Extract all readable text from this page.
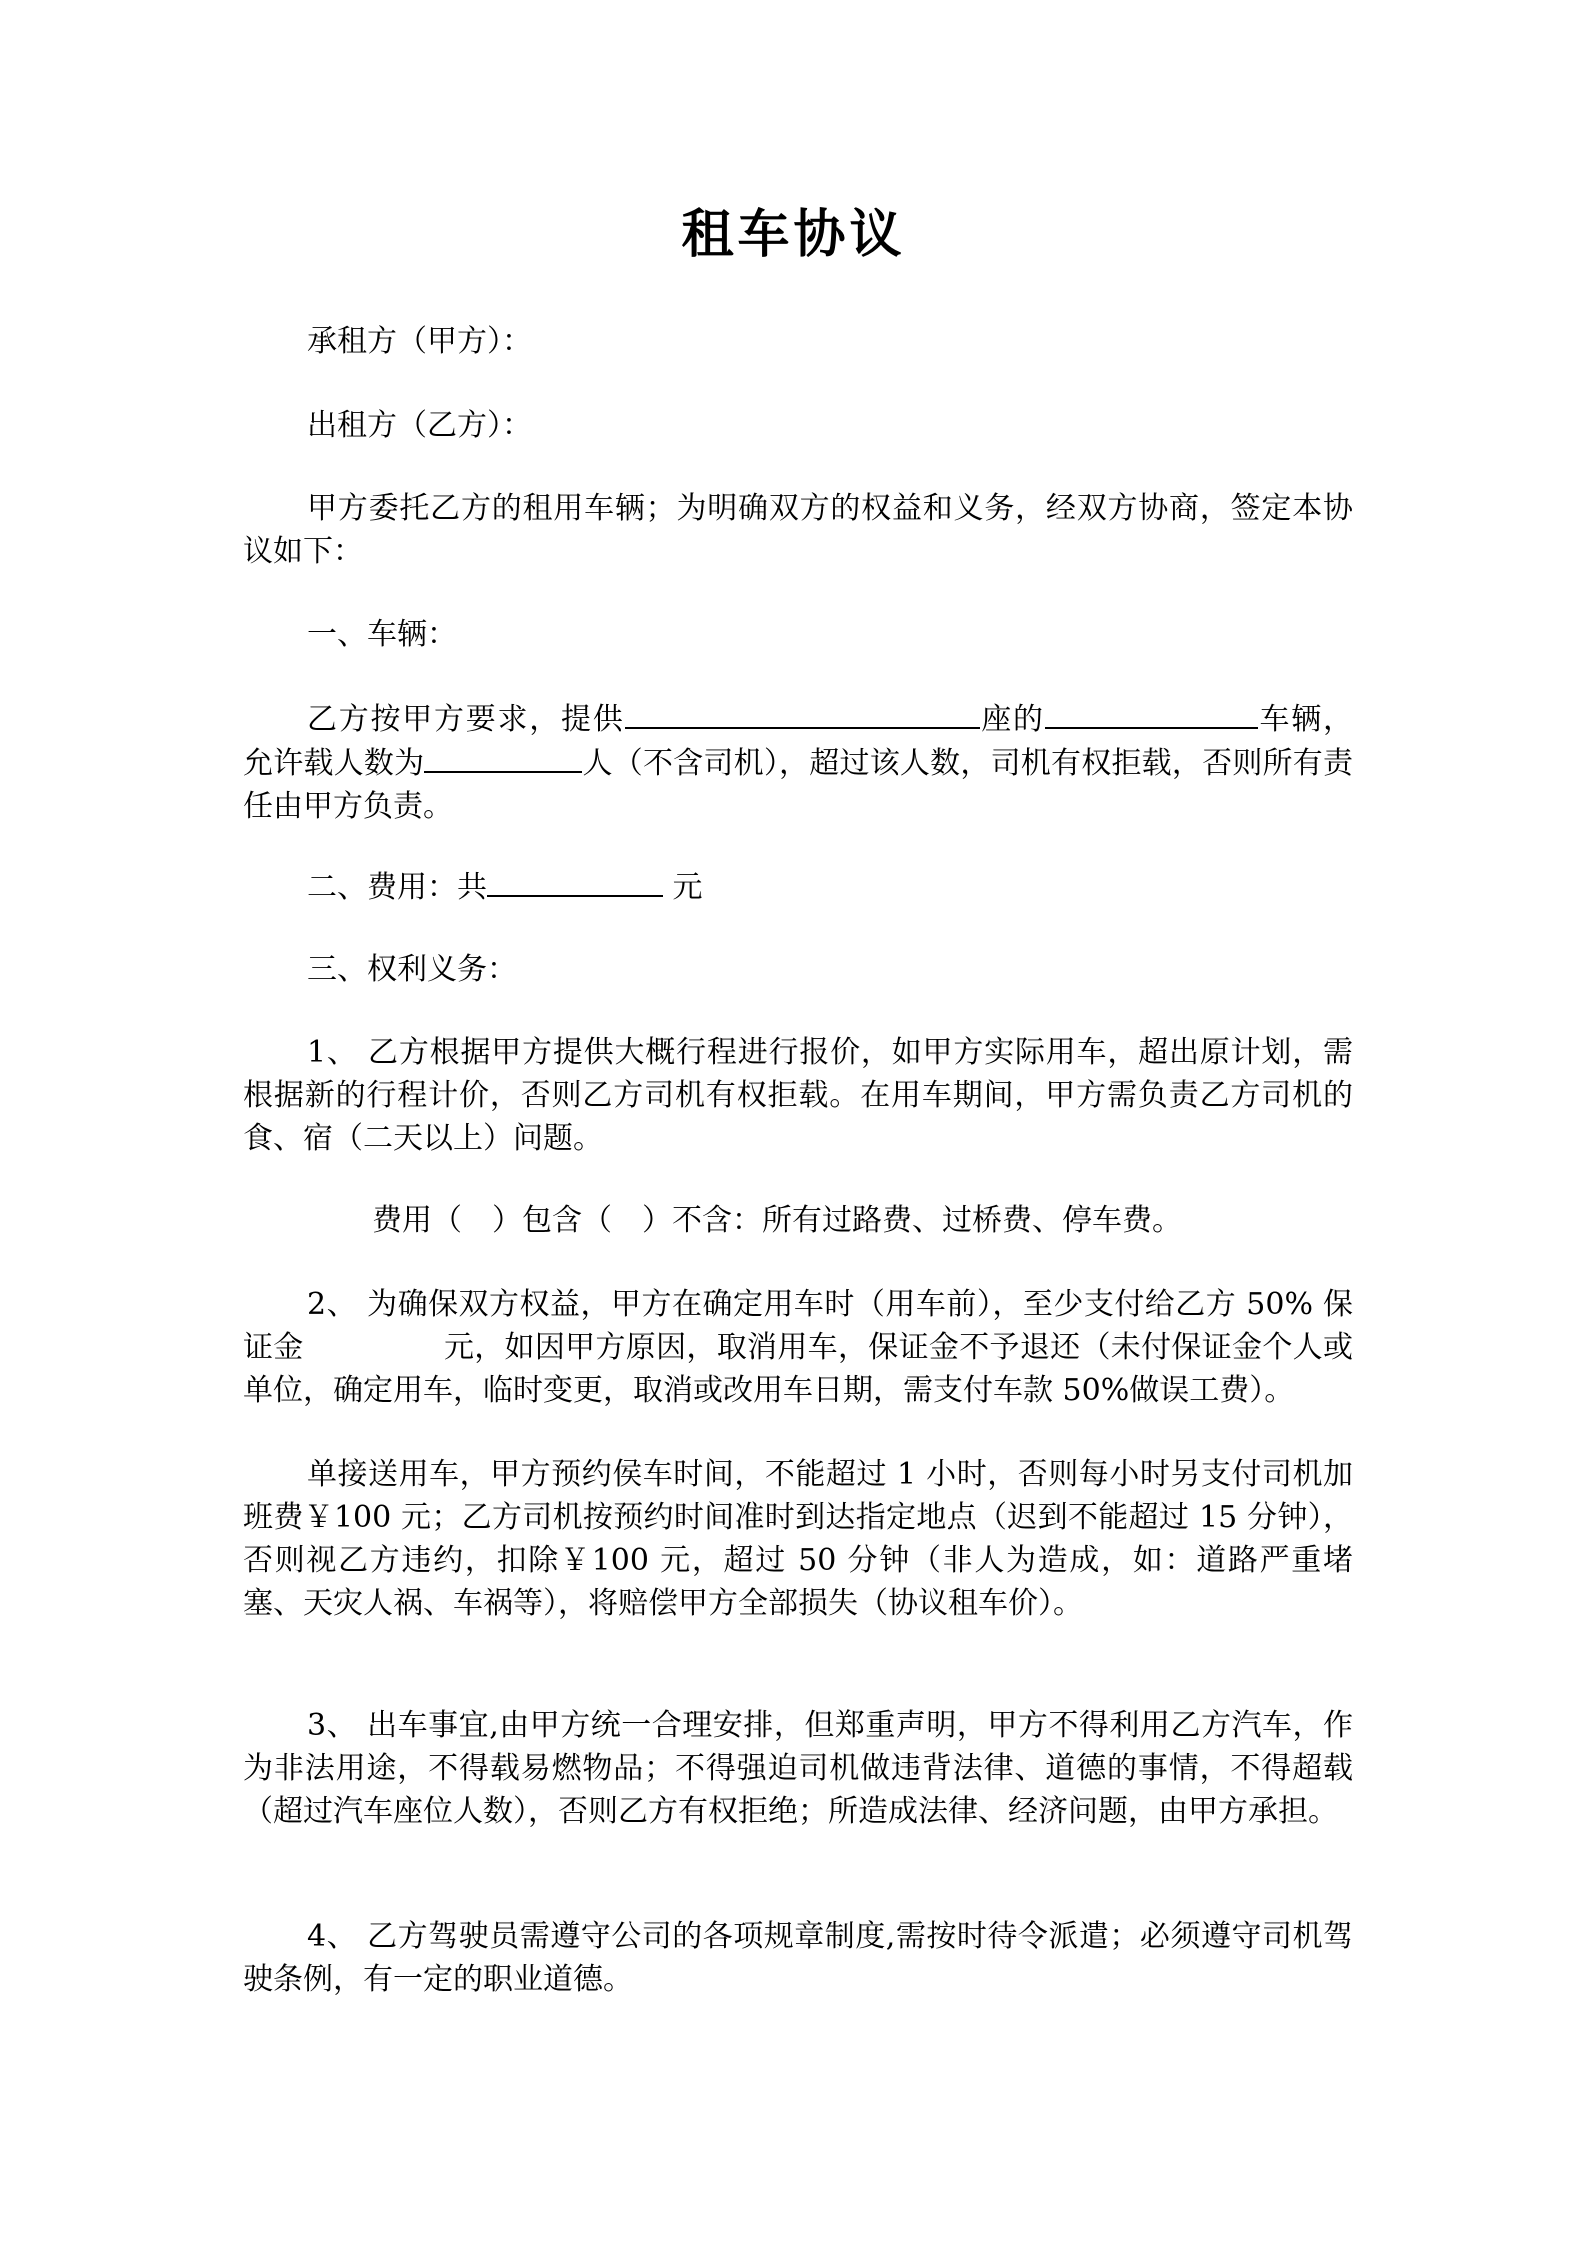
租车协议

承租方（甲方）：

出租方（乙方）：

甲方委托乙方的租用车辆；为明确双方的权益和义务，经双方协商，签定本协议如下：

一、车辆：

乙方按甲方要求，提供	座的	车辆，允许载人数为	人（不含司机），超过该人数，司机有权拒载，否则所有责任由甲方负责。

二、费用：共	元

三、权利义务：

1、 乙方根据甲方提供大概行程进行报价，如甲方实际用车，超出原计划，需根据新的行程计价，否则乙方司机有权拒载。在用车期间，甲方需负责乙方司机的食、宿（二天以上）问题。

费用（　）包含（　）不含：所有过路费、过桥费、停车费。

2、 为确保双方权益，甲方在确定用车时（用车前），至少支付给乙方 50% 保证金	元，如因甲方原因，取消用车，保证金不予退还（未付保证金个人或单位，确定用车，临时变更，取消或改用车日期，需支付车款 50%做误工费）。

单接送用车，甲方预约侯车时间，不能超过 1 小时，否则每小时另支付司机加班费￥100 元；乙方司机按预约时间准时到达指定地点（迟到不能超过 15 分钟），否则视乙方违约，扣除￥100 元，超过 50 分钟（非人为造成，如：道路严重堵塞、天灾人祸、车祸等），将赔偿甲方全部损失（协议租车价）。

3、 出车事宜,由甲方统一合理安排，但郑重声明，甲方不得利用乙方汽车，作为非法用途，不得载易燃物品；不得强迫司机做违背法律、道德的事情，不得超载（超过汽车座位人数），否则乙方有权拒绝；所造成法律、经济问题，由甲方承担。

4、 乙方驾驶员需遵守公司的各项规章制度,需按时待令派遣；必须遵守司机驾驶条例，有一定的职业道德。
